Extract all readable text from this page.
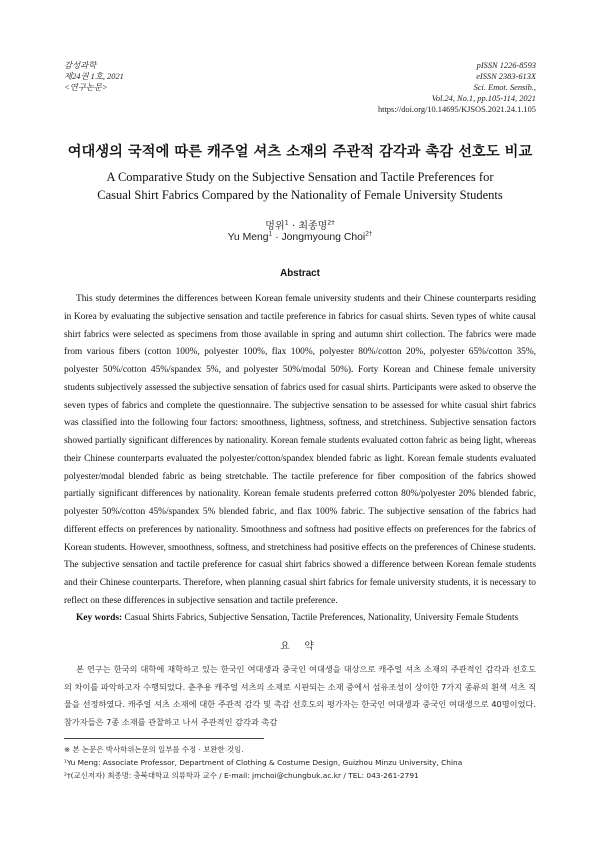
감성과학
제24권 1호, 2021
<연구논문>
pISSN 1226-8593
eISSN 2383-613X
Sci. Emot. Sensib.,
Vol.24, No.1, pp.105-114, 2021
https://doi.org/10.14695/KJSOS.2021.24.1.105
여대생의 국적에 따른 캐주얼 셔츠 소재의 주관적 감각과 촉감 선호도 비교
A Comparative Study on the Subjective Sensation and Tactile Preferences for
Casual Shirt Fabrics Compared by the Nationality of Female University Students
멍위$^1$ · 최종명$^{2\dagger}$
Yu Meng$^1$ · Jongmyoung Choi$^{2\dagger}$
Abstract

This study determines the differences between Korean female university students and their Chinese counterparts residing in Korea by evaluating the subjective sensation and tactile preference in fabrics for casual shirts. Seven types of white causal shirt fabrics were selected as specimens from those available in spring and autumn shirt collection. The fabrics were made from various fibers (cotton 100%, polyester 100%, flax 100%, polyester 80%/cotton 20%, polyester 65%/cotton 35%, polyester 50%/cotton 45%/spandex 5%, and polyester 50%/modal 50%). Forty Korean and Chinese female university students subjectively assessed the subjective sensation of fabrics used for casual shirts. Participants were asked to observe the seven types of fabrics and complete the questionnaire. The subjective sensation to be assessed for white casual shirt fabrics was classified into the following four factors: smoothness, lightness, softness, and stretchiness. Subjective sensation factors showed partially significant differences by nationality. Korean female students evaluated cotton fabric as being light, whereas their Chinese counterparts evaluated the polyester/cotton/spandex blended fabric as light. Korean female students evaluated polyester/modal blended fabric as being stretchable. The tactile preference for fiber composition of the fabrics showed partially significant differences by nationality. Korean female students preferred cotton 80%/polyester 20% blended fabric, polyester 50%/cotton 45%/spandex 5% blended fabric, and flax 100% fabric. The subjective sensation of the fabrics had different effects on preferences by nationality. Smoothness and softness had positive effects on preferences for the fabrics of Korean students. However, smoothness, softness, and stretchiness had positive effects on the preferences of Chinese students. The subjective sensation and tactile preference for casual shirt fabrics showed a difference between Korean female students and their Chinese counterparts. Therefore, when planning casual shirt fabrics for female university students, it is necessary to reflect on these differences in subjective sensation and tactile preference.

Key words: Casual Shirts Fabrics, Subjective Sensation, Tactile Preferences, Nationality, University Female Students
요 약

본 연구는 한국의 대학에 재학하고 있는 한국인 여대생과 중국인 여대생을 대상으로 캐주얼 셔츠 소재의 주관적인 감각과 선호도의 차이를 파악하고자 수행되었다. 춘추용 캐주얼 셔츠의 소재로 시판되는 소재 중에서 섬유조성이 상이한 7가지 종류의 흰색 셔츠 직물을 선정하였다. 캐주얼 셔츠 소재에 대한 주관적 감각 및 촉감 선호도의 평가자는 한국인 여대생과 중국인 여대생으로 40명이었다. 참가자들은 7종 소재를 관찰하고 나서 주관적인 감각과 촉감

※ 본 논문은 박사학위논문의 일부를 수정 · 보완한 것임.
¹Yu Meng: Associate Professor, Department of Clothing & Costume Design, Guizhou Minzu University, China
²†(교신저자) 최종명: 충북대학교 의류학과 교수 / E-mail: jmchoi@chungbuk.ac.kr / TEL: 043-261-2791
